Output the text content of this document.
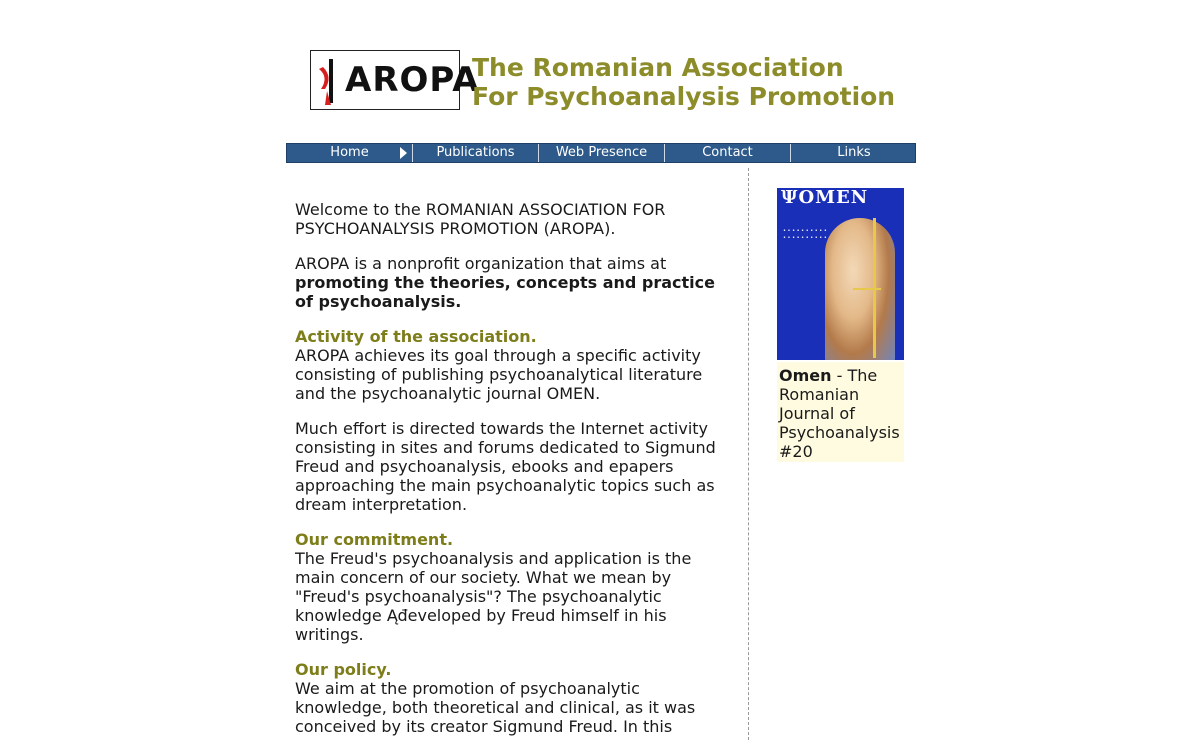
AROPA
The Romanian Association
For Psychoanalysis Promotion
Home	Publications	Web Presence	Contact	Links

Welcome to the ROMANIAN ASSOCIATION FOR PSYCHOANALYSIS PROMOTION (AROPA).

AROPA is a nonprofit organization that aims at promoting the theories, concepts and practice of psychoanalysis.

Activity of the association.
AROPA achieves its goal through a specific activity consisting of publishing psychoanalytical literature and the psychoanalytic journal OMEN.

Much effort is directed towards the Internet activity consisting in sites and forums dedicated to Sigmund Freud and psychoanalysis, ebooks and epapers approaching the main psychoanalytic topics such as dream interpretation.

Our commitment.
The Freud's psychoanalysis and application is the main concern of our society. What we mean by "Freud's psychoanalysis"? The psychoanalytic knowledge Ąđeveloped by Freud himself in his writings.

Our policy.
We aim at the promotion of psychoanalytic knowledge, both theoretical and clinical, as it was conceived by its creator Sigmund Freud. In this

ΨOMEN
• • • • • • • • • • • • • • • • • • • •
Omen - The Romanian Journal of Psychoanalysis #20
